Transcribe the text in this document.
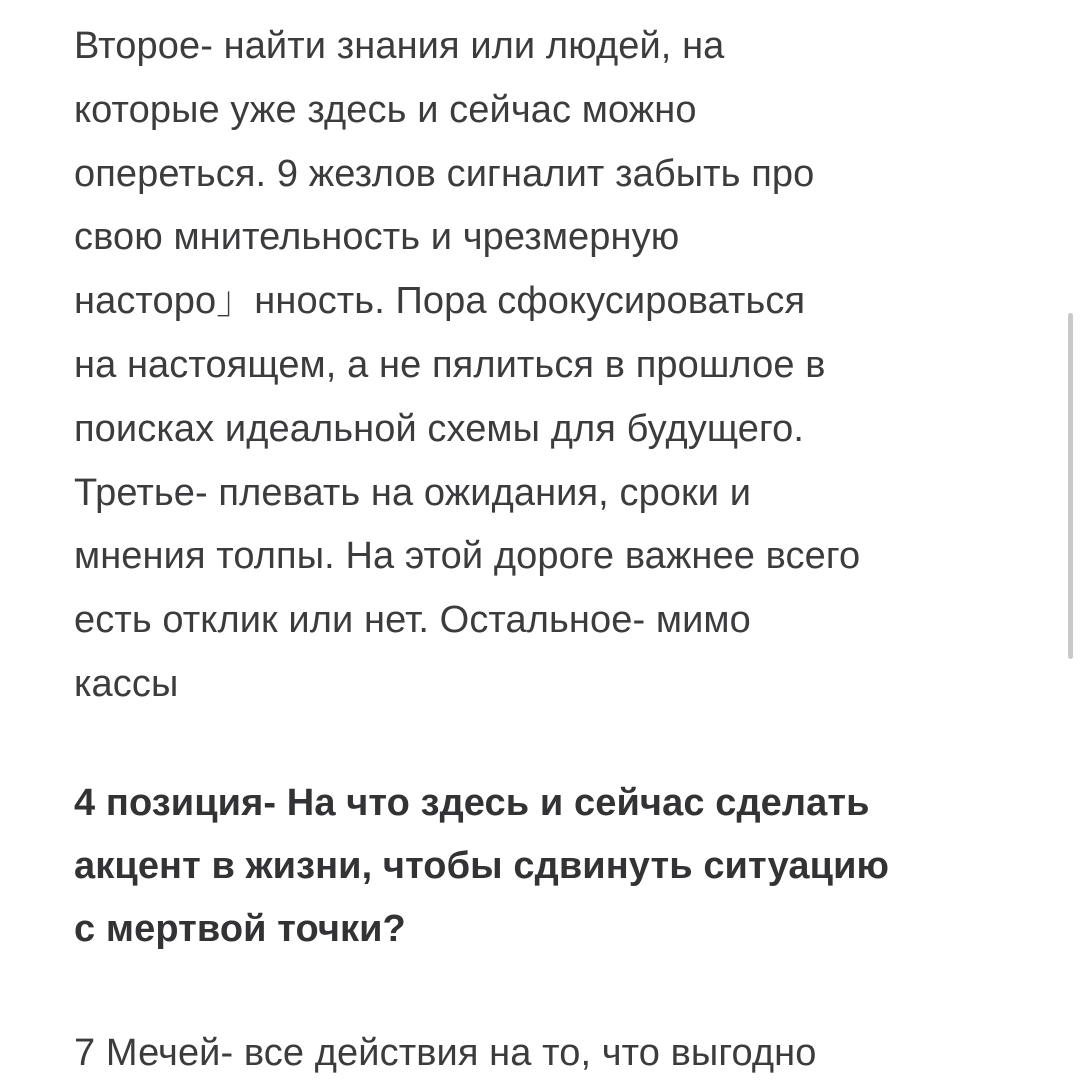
Второе- найти знания или людей, на
которые уже здесь и сейчас можно
опереться. 9 жезлов сигналит забыть про
свою мнительность и чрезмерную
насторо」нность. Пора сфокусироваться
на настоящем, а не пялиться в прошлое в
поисках идеальной схемы для будущего.
Третье- плевать на ожидания, сроки и
мнения толпы. На этой дороге важнее всего
есть отклик или нет. Остальное- мимо
кассы
4 позиция- На что здесь и сейчас сделать
акцент в жизни, чтобы сдвинуть ситуацию
с мертвой точки?
7 Мечей- все действия на то, что выгодно
